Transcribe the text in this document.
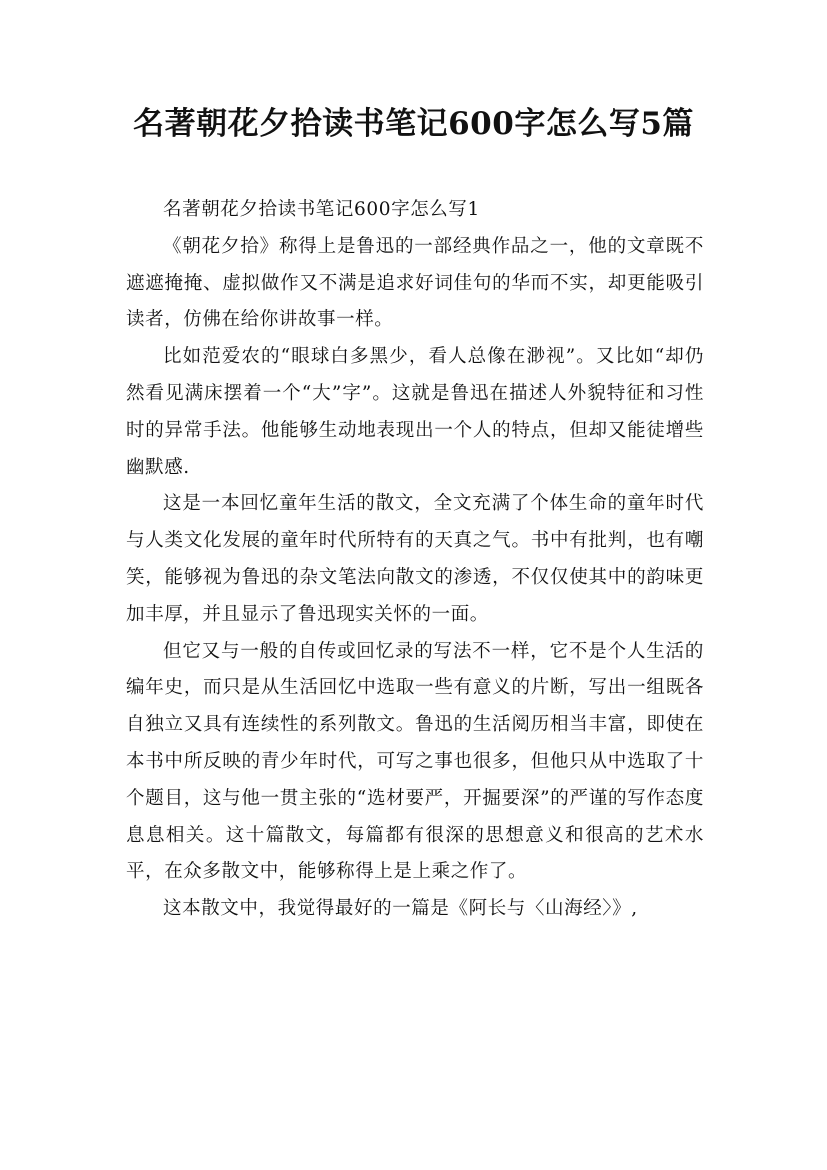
名著朝花夕拾读书笔记600字怎么写5篇

名著朝花夕拾读书笔记600字怎么写1

《朝花夕拾》称得上是鲁迅的一部经典作品之一，他的文章既不遮遮掩掩、虚拟做作又不满是追求好词佳句的华而不实，却更能吸引读者，仿佛在给你讲故事一样。

比如范爱农的“眼球白多黑少，看人总像在渺视”。又比如“却仍然看见满床摆着一个“大”字”。这就是鲁迅在描述人外貌特征和习性时的异常手法。他能够生动地表现出一个人的特点，但却又能徒增些幽默感.

这是一本回忆童年生活的散文，全文充满了个体生命的童年时代与人类文化发展的童年时代所特有的天真之气。书中有批判，也有嘲笑，能够视为鲁迅的杂文笔法向散文的渗透，不仅仅使其中的韵味更加丰厚，并且显示了鲁迅现实关怀的一面。

但它又与一般的自传或回忆录的写法不一样，它不是个人生活的编年史，而只是从生活回忆中选取一些有意义的片断，写出一组既各自独立又具有连续性的系列散文。鲁迅的生活阅历相当丰富，即使在本书中所反映的青少年时代，可写之事也很多，但他只从中选取了十个题目，这与他一贯主张的“选材要严，开掘要深”的严谨的写作态度息息相关。这十篇散文，每篇都有很深的思想意义和很高的艺术水平，在众多散文中，能够称得上是上乘之作了。

这本散文中，我觉得最好的一篇是《阿长与〈山海经〉》,
